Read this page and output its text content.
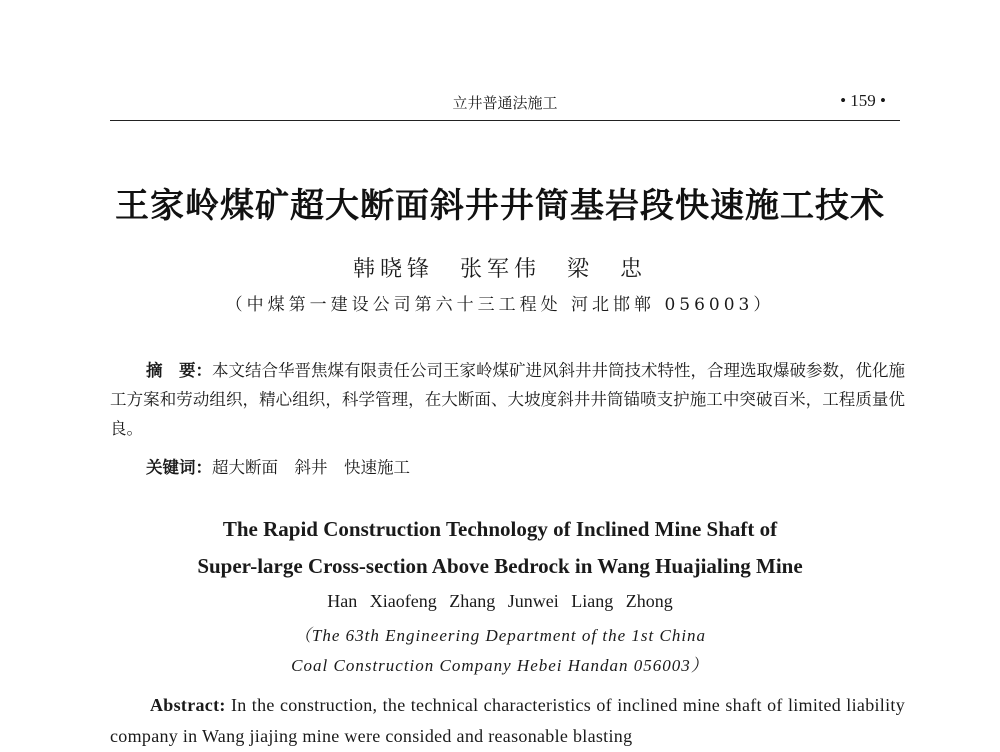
立井普通法施工	• 159 •
王家岭煤矿超大断面斜井井筒基岩段快速施工技术
韩晓锋 张军伟 梁 忠
（中煤第一建设公司第六十三工程处 河北邯郸 056003）
摘　要：本文结合华晋焦煤有限责任公司王家岭煤矿进风斜井井筒技术特性，合理选取爆破参数，优化施工方案和劳动组织，精心组织，科学管理，在大断面、大坡度斜井井筒锚喷支护施工中突破百米，工程质量优良。
关键词：超大断面　斜井　快速施工
The Rapid Construction Technology of Inclined Mine Shaft of
Super-large Cross-section Above Bedrock in Wang Huajialing Mine
Han Xiaofeng Zhang Junwei Liang Zhong
（The 63th Engineering Department of the 1st China
Coal Construction Company Hebei Handan 056003）
Abstract: In the construction, the technical characteristics of inclined mine shaft of limited liability company in Wang jiajing mine were consided and reasonable blasting
